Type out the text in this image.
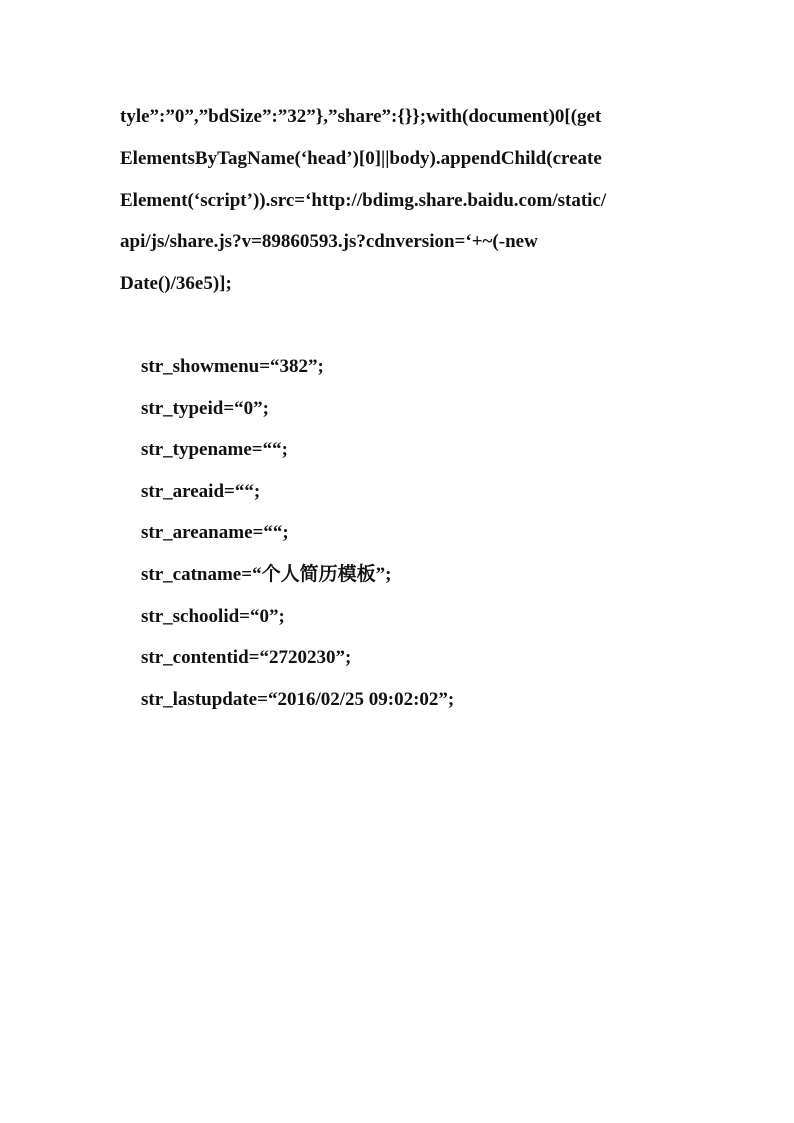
tyle”:”0”,”bdSize”:”32”},”share”:{}};with(document)0[(get
ElementsByTagName(‘head’)[0]||body).appendChild(create
Element(‘script’)).src=‘http://bdimg.share.baidu.com/static/
api/js/share.js?v=89860593.js?cdnversion=‘+~(-new
Date()/36e5)];
str_showmenu=“382”;
str_typeid=“0”;
str_typename=““;
str_areaid=““;
str_areaname=““;
str_catname=“个人简历模板”;
str_schoolid=“0”;
str_contentid=“2720230”;
str_lastupdate=“2016/02/25 09:02:02”;
